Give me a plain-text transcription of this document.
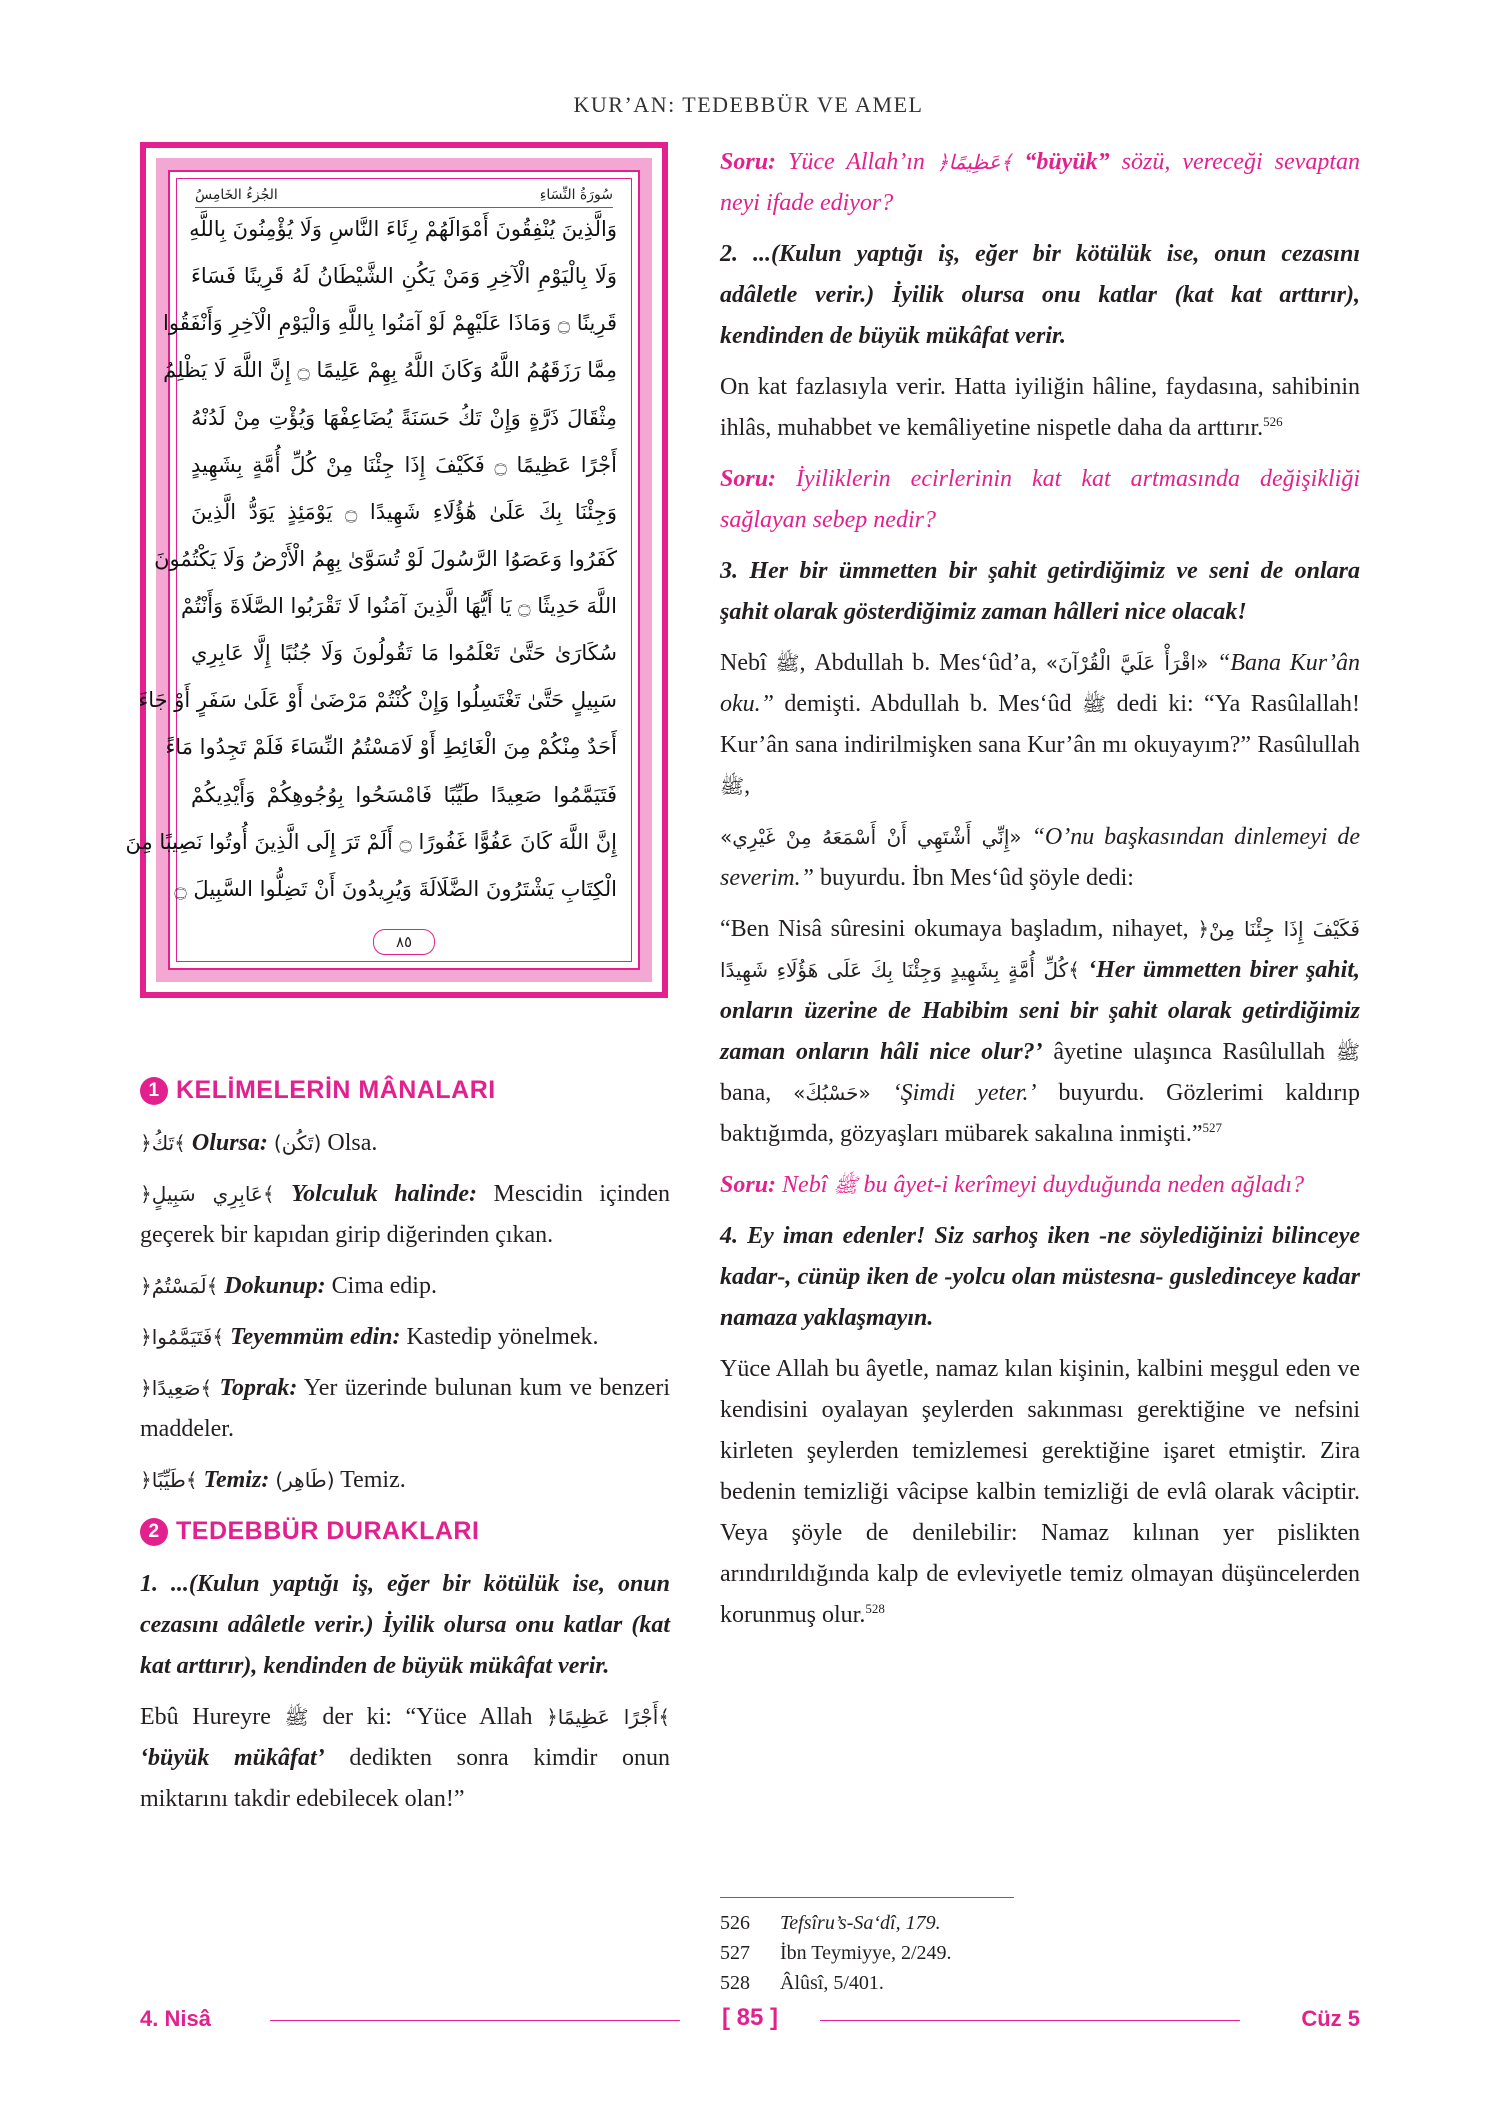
KUR’AN: TEDEBBÜR VE AMEL
الجُزءُ الخَامِسُ	سُورَةُ النِّسَاءِ
وَالَّذِينَ يُنْفِقُونَ أَمْوَالَهُمْ رِئَاءَ النَّاسِ وَلَا يُؤْمِنُونَ بِاللَّهِ
وَلَا بِالْيَوْمِ الْآخِرِ وَمَنْ يَكُنِ الشَّيْطَانُ لَهُ قَرِينًا فَسَاءَ
قَرِينًا ۝ وَمَاذَا عَلَيْهِمْ لَوْ آمَنُوا بِاللَّهِ وَالْيَوْمِ الْآخِرِ وَأَنْفَقُوا
مِمَّا رَزَقَهُمُ اللَّهُ وَكَانَ اللَّهُ بِهِمْ عَلِيمًا ۝ إِنَّ اللَّهَ لَا يَظْلِمُ
مِثْقَالَ ذَرَّةٍ وَإِنْ تَكُ حَسَنَةً يُضَاعِفْهَا وَيُؤْتِ مِنْ لَدُنْهُ
أَجْرًا عَظِيمًا ۝ فَكَيْفَ إِذَا جِئْنَا مِنْ كُلِّ أُمَّةٍ بِشَهِيدٍ
وَجِئْنَا بِكَ عَلَىٰ هَٰؤُلَاءِ شَهِيدًا ۝ يَوْمَئِذٍ يَوَدُّ الَّذِينَ
كَفَرُوا وَعَصَوُا الرَّسُولَ لَوْ تُسَوَّىٰ بِهِمُ الْأَرْضُ وَلَا يَكْتُمُونَ
اللَّهَ حَدِيثًا ۝ يَا أَيُّهَا الَّذِينَ آمَنُوا لَا تَقْرَبُوا الصَّلَاةَ وَأَنْتُمْ
سُكَارَىٰ حَتَّىٰ تَعْلَمُوا مَا تَقُولُونَ وَلَا جُنُبًا إِلَّا عَابِرِي
سَبِيلٍ حَتَّىٰ تَغْتَسِلُوا وَإِنْ كُنْتُمْ مَرْضَىٰ أَوْ عَلَىٰ سَفَرٍ أَوْ جَاءَ
أَحَدٌ مِنْكُمْ مِنَ الْغَائِطِ أَوْ لَامَسْتُمُ النِّسَاءَ فَلَمْ تَجِدُوا مَاءً
فَتَيَمَّمُوا صَعِيدًا طَيِّبًا فَامْسَحُوا بِوُجُوهِكُمْ وَأَيْدِيكُمْ
إِنَّ اللَّهَ كَانَ عَفُوًّا غَفُورًا ۝ أَلَمْ تَرَ إِلَى الَّذِينَ أُوتُوا نَصِيبًا مِنَ
الْكِتَابِ يَشْتَرُونَ الضَّلَالَةَ وَيُرِيدُونَ أَنْ تَضِلُّوا السَّبِيلَ ۝
٨٥

1 KELİMELERİN MÂNALARI

﴿تَكُ﴾ Olursa: (تَكُن) Olsa.

﴿عَابِرِي سَبِيلٍ﴾ Yolculuk halinde: Mescidin içinden geçerek bir kapıdan girip diğerinden çıkan.

﴿لَمَسْتُمُ﴾ Dokunup: Cima edip.

﴿فَتَيَمَّمُوا﴾ Teyemmüm edin: Kastedip yönelmek.

﴿صَعِيدًا﴾ Toprak: Yer üzerinde bulunan kum ve benzeri maddeler.

﴿طَيِّبًا﴾ Temiz: (طَاهِر) Temiz.

2 TEDEBBÜR DURAKLARI

1. ...(Kulun yaptığı iş, eğer bir kötülük ise, onun cezasını adâletle verir.) İyilik olursa onu katlar (kat kat arttırır), kendinden de büyük mükâfat verir.

Ebû Hureyre ﷺ der ki: “Yüce Allah ﴿أَجْرًا عَظِيمًا﴾ ‘büyük mükâfat’ dedikten sonra kimdir onun miktarını takdir edebilecek olan!”

Soru: Yüce Allah’ın ﴿عَظِيمًا﴾ “büyük” sözü, vereceği sevaptan neyi ifade ediyor?

2. ...(Kulun yaptığı iş, eğer bir kötülük ise, onun cezasını adâletle verir.) İyilik olursa onu katlar (kat kat arttırır), kendinden de büyük mükâfat verir.

On kat fazlasıyla verir. Hatta iyiliğin hâline, faydasına, sahibinin ihlâs, muhabbet ve kemâliyetine nispetle daha da arttırır.$^{526}$

Soru: İyiliklerin ecirlerinin kat kat artmasında değişikliği sağlayan sebep nedir?

3. Her bir ümmetten bir şahit getirdiğimiz ve seni de onlara şahit olarak gösterdiğimiz zaman hâlleri nice olacak!

Nebî ﷺ, Abdullah b. Mes‘ûd’a, «اقْرَأْ عَلَيَّ الْقُرْآنَ» “Bana Kur’ân oku.” demişti. Abdullah b. Mes‘ûd ﷺ dedi ki: “Ya Rasûlallah! Kur’ân sana indirilmişken sana Kur’ân mı okuyayım?” Rasûlullah ﷺ,

«إِنِّي أَشْتَهِي أَنْ أَسْمَعَهُ مِنْ غَيْرِي» “O’nu başkasından dinlemeyi de severim.” buyurdu. İbn Mes‘ûd şöyle dedi:

“Ben Nisâ sûresini okumaya başladım, nihayet, ﴿فَكَيْفَ إِذَا جِئْنَا مِنْ كُلِّ أُمَّةٍ بِشَهِيدٍ وَجِئْنَا بِكَ عَلَى هَؤُلَاءِ شَهِيدًا﴾ ‘Her ümmetten birer şahit, onların üzerine de Habibim seni bir şahit olarak getirdiğimiz zaman onların hâli nice olur?’ âyetine ulaşınca Rasûlullah ﷺ bana, «حَسْبُكَ» ‘Şimdi yeter.’ buyurdu. Gözlerimi kaldırıp baktığımda, gözyaşları mübarek sakalına inmişti.”$^{527}$

Soru: Nebî ﷺ bu âyet-i kerîmeyi duyduğunda neden ağladı?

4. Ey iman edenler! Siz sarhoş iken -ne söylediğinizi bilinceye kadar-, cünüp iken de -yolcu olan müstesna- gusledinceye kadar namaza yaklaşmayın.

Yüce Allah bu âyetle, namaz kılan kişinin, kalbini meşgul eden ve kendisini oyalayan şeylerden sakınması gerektiğine ve nefsini kirleten şeylerden temizlemesi gerektiğine işaret etmiştir. Zira bedenin temizliği vâcipse kalbin temizliği de evlâ olarak vâciptir. Veya şöyle de denilebilir: Namaz kılınan yer pislikten arındırıldığında kalp de evleviyetle temiz olmayan düşüncelerden korunmuş olur.$^{528}$

526	Tefsîru’s-Sa‘dî, 179.
527	İbn Teymiyye, 2/249.
528	Âlûsî, 5/401.
4. Nisâ	[ 85 ]	Cüz 5
